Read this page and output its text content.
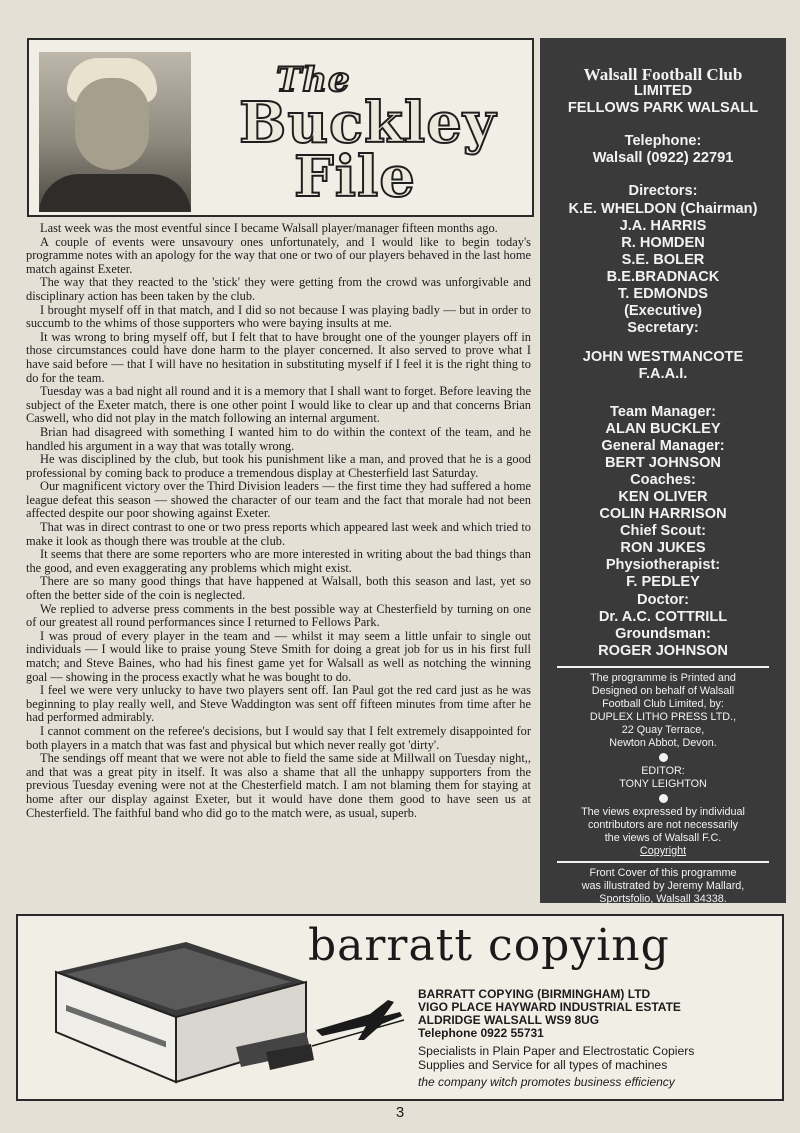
The
Buckley
File

Last week was the most eventful since I became Walsall player/manager fifteen months ago.

A couple of events were unsavoury ones unfortunately, and I would like to begin today's programme notes with an apology for the way that one or two of our players behaved in the last home match against Exeter.

The way that they reacted to the 'stick' they were getting from the crowd was unforgivable and disciplinary action has been taken by the club.

I brought myself off in that match, and I did so not because I was playing badly — but in order to succumb to the whims of those supporters who were baying insults at me.

It was wrong to bring myself off, but I felt that to have brought one of the younger players off in those circumstances could have done harm to the player concerned. It also served to prove what I have said before — that I will have no hesitation in substituting myself if I feel it is the right thing to do for the team.

Tuesday was a bad night all round and it is a memory that I shall want to forget. Before leaving the subject of the Exeter match, there is one other point I would like to clear up and that concerns Brian Caswell, who did not play in the match following an internal argument.

Brian had disagreed with something I wanted him to do within the context of the team, and he handled his argument in a way that was totally wrong.

He was disciplined by the club, but took his punishment like a man, and proved that he is a good professional by coming back to produce a tremendous display at Chesterfield last Saturday.

Our magnificent victory over the Third Division leaders — the first time they had suffered a home league defeat this season — showed the character of our team and the fact that morale had not been affected despite our poor showing against Exeter.

That was in direct contrast to one or two press reports which appeared last week and which tried to make it look as though there was trouble at the club.

It seems that there are some reporters who are more interested in writing about the bad things than the good, and even exaggerating any problems which might exist.

There are so many good things that have happened at Walsall, both this season and last, yet so often the better side of the coin is neglected.

We replied to adverse press comments in the best possible way at Chesterfield by turning on one of our greatest all round performances since I returned to Fellows Park.

I was proud of every player in the team and — whilst it may seem a little unfair to single out individuals — I would like to praise young Steve Smith for doing a great job for us in his first full match; and Steve Baines, who had his finest game yet for Walsall as well as notching the winning goal — showing in the process exactly what he was bought to do.

I feel we were very unlucky to have two players sent off. Ian Paul got the red card just as he was beginning to play really well, and Steve Waddington was sent off fifteen minutes from time after he had performed admirably.

I cannot comment on the referee's decisions, but I would say that I felt extremely disappointed for both players in a match that was fast and physical but which never really got 'dirty'.

The sendings off meant that we were not able to field the same side at Millwall on Tuesday night,, and that was a great pity in itself. It was also a shame that all the unhappy supporters from the previous Tuesday evening were not at the Chesterfield match. I am not blaming them for staying at home after our display against Exeter, but it would have done them good to have seen us at Chesterfield. The faithful band who did go to the match were, as usual, superb.

Walsall Football Club
LIMITED
FELLOWS PARK WALSALL
Telephone:
Walsall (0922) 22791
Directors:
K.E. WHELDON (Chairman)
J.A. HARRIS
R. HOMDEN
S.E. BOLER
B.E.BRADNACK
T. EDMONDS
(Executive)
Secretary:
JOHN WESTMANCOTE
F.A.A.I.
Team Manager:
ALAN BUCKLEY
General Manager:
BERT JOHNSON
Coaches:
KEN OLIVER
COLIN HARRISON
Chief Scout:
RON JUKES
Physiotherapist:
F. PEDLEY
Doctor:
Dr. A.C. COTTRILL
Groundsman:
ROGER JOHNSON
The programme is Printed and
Designed on behalf of Walsall
Football Club Limited, by:
DUPLEX LITHO PRESS LTD.,
22 Quay Terrace,
Newton Abbot, Devon.
EDITOR:
TONY LEIGHTON
The views expressed by individual
contributors are not necessarily
the views of Walsall F.C.
Copyright
Front Cover of this programme
was illustrated by Jeremy Mallard,
Sportsfolio, Walsall 34338.
barratt copying
BARRATT COPYING (BIRMINGHAM) LTD
VIGO PLACE HAYWARD INDUSTRIAL ESTATE
ALDRIDGE WALSALL WS9 8UG
Telephone 0922 55731
Specialists in Plain Paper and Electrostatic Copiers
Supplies and Service for all types of machines
the company witch promotes business efficiency
3
